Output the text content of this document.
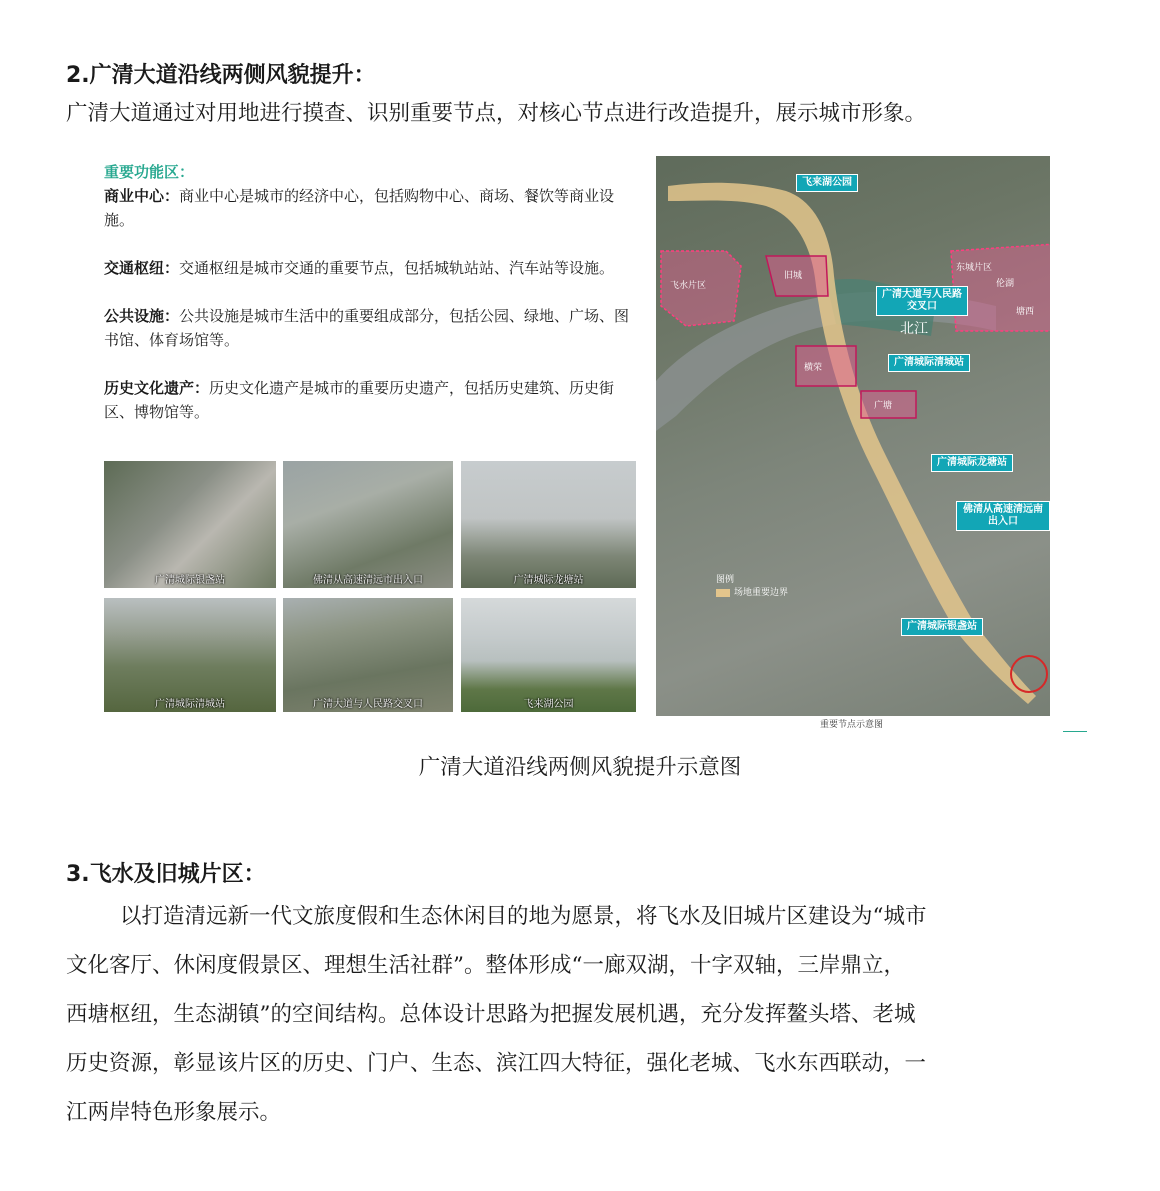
2.广清大道沿线两侧风貌提升：
广清大道通过对用地进行摸查、识别重要节点，对核心节点进行改造提升，展示城市形象。
重要功能区：
商业中心：商业中心是城市的经济中心，包括购物中心、商场、餐饮等商业设施。
交通枢纽：交通枢纽是城市交通的重要节点，包括城轨站站、汽车站等设施。
公共设施：公共设施是城市生活中的重要组成部分，包括公园、绿地、广场、图书馆、体育场馆等。
历史文化遗产：历史文化遗产是城市的重要历史遗产，包括历史建筑、历史街区、博物馆等。
广清城际银盏站	佛清从高速清远市出入口	广清城际龙塘站
广清城际清城站	广清大道与人民路交叉口	飞来湖公园
飞来湖公园
广清大道与人民路交叉口
广清城际清城站
广清城际龙塘站
佛清从高速清远南出入口
广清城际银盏站
飞水片区
旧城
东城片区
伦湖
塘西
横荣
广塘
北江
图例
场地重要边界
重要节点示意图
广清大道沿线两侧风貌提升示意图
3.飞水及旧城片区：
以打造清远新一代文旅度假和生态休闲目的地为愿景，将飞水及旧城片区建设为“城市
文化客厅、休闲度假景区、理想生活社群”。整体形成“一廊双湖，十字双轴，三岸鼎立，
西塘枢纽，生态湖镇”的空间结构。总体设计思路为把握发展机遇，充分发挥鳌头塔、老城
历史资源，彰显该片区的历史、门户、生态、滨江四大特征，强化老城、飞水东西联动，一
江两岸特色形象展示。
